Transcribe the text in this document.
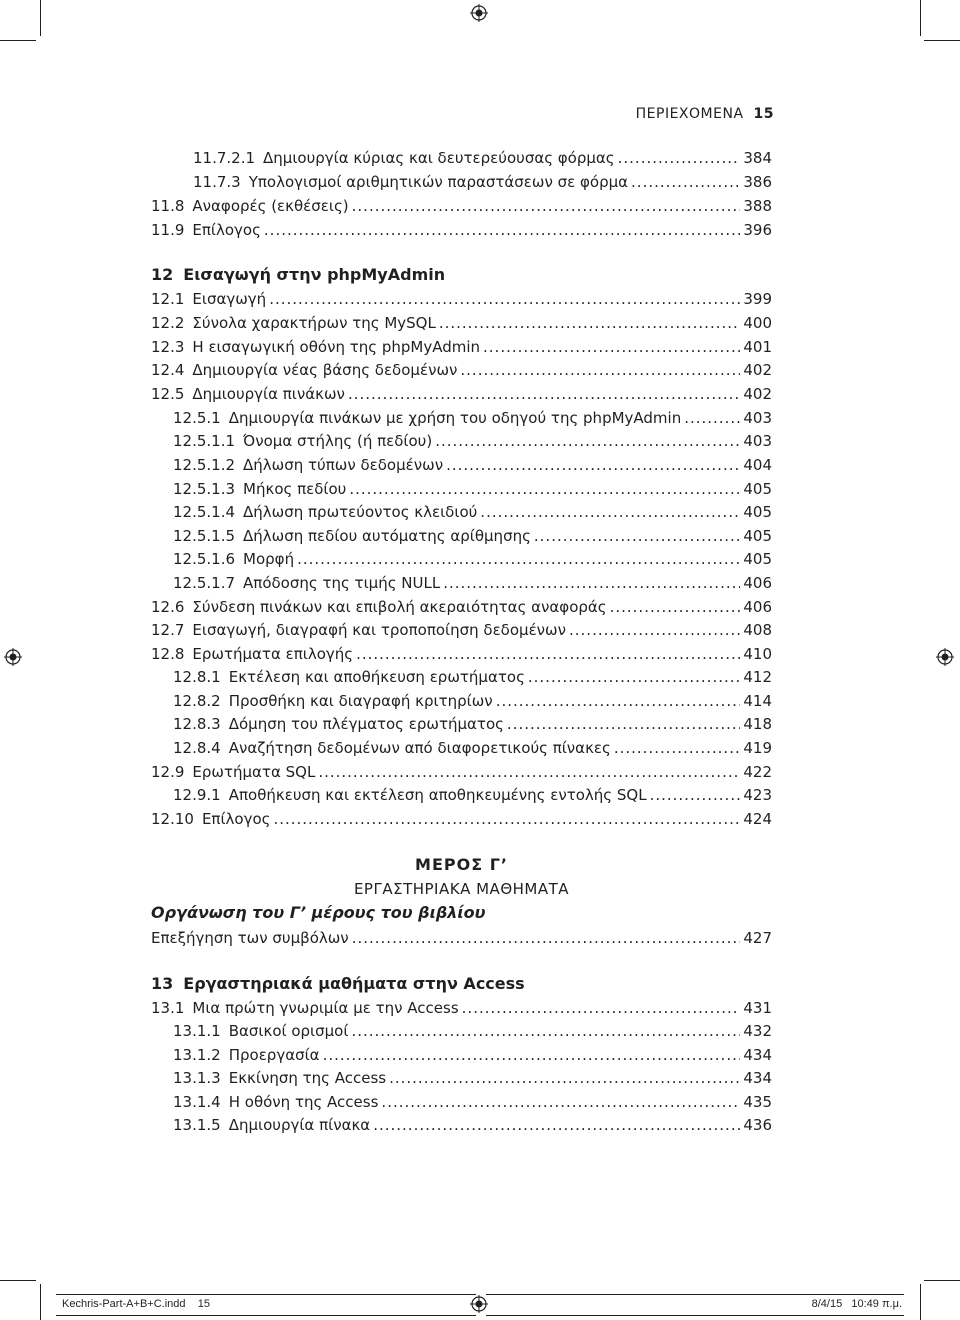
ΠΕΡΙΕΧΟΜΕΝΑ 15
11.7.2.1 Δημιουργία κύριας και δευτερεύουσας φόρμας .....	384
11.7.3 Υπολογισμοί αριθμητικών παραστάσεων σε φόρμα .....	386
11.8 Αναφορές (εκθέσεις) .....	388
11.9 Επίλογος .....	396
12 Εισαγωγή στην phpMyAdmin
12.1 Εισαγωγή .....	399
12.2 Σύνολα χαρακτήρων της MySQL .....	400
12.3 Η εισαγωγική οθόνη της phpMyAdmin .....	401
12.4 Δημιουργία νέας βάσης δεδομένων .....	402
12.5 Δημιουργία πινάκων .....	402
12.5.1 Δημιουργία πινάκων με χρήση του οδηγού της phpMyAdmin .....	403
12.5.1.1 Όνομα στήλης (ή πεδίου) .....	403
12.5.1.2 Δήλωση τύπων δεδομένων .....	404
12.5.1.3 Μήκος πεδίου .....	405
12.5.1.4 Δήλωση πρωτεύοντος κλειδιού .....	405
12.5.1.5 Δήλωση πεδίου αυτόματης αρίθμησης .....	405
12.5.1.6 Μορφή .....	405
12.5.1.7 Απόδοσης της τιμής NULL .....	406
12.6 Σύνδεση πινάκων και επιβολή ακεραιότητας αναφοράς .....	406
12.7 Εισαγωγή, διαγραφή και τροποποίηση δεδομένων .....	408
12.8 Ερωτήματα επιλογής .....	410
12.8.1 Εκτέλεση και αποθήκευση ερωτήματος .....	412
12.8.2 Προσθήκη και διαγραφή κριτηρίων .....	414
12.8.3 Δόμηση του πλέγματος ερωτήματος .....	418
12.8.4 Αναζήτηση δεδομένων από διαφορετικούς πίνακες .....	419
12.9 Ερωτήματα SQL .....	422
12.9.1 Αποθήκευση και εκτέλεση αποθηκευμένης εντολής SQL .....	423
12.10 Επίλογος .....	424
Οργάνωση του Γ’ μέρους του βιβλίου
Επεξήγηση των συμβόλων .....	427
13 Εργαστηριακά μαθήματα στην Access
13.1 Μια πρώτη γνωριμία με την Access .....	431
13.1.1 Βασικοί ορισμοί .....	432
13.1.2 Προεργασία .....	434
13.1.3 Εκκίνηση της Access .....	434
13.1.4 Η οθόνη της Access .....	435
13.1.5 Δημιουργία πίνακα .....	436
ΜΕΡΟΣ Γ’
ΕΡΓΑΣΤΗΡΙΑΚΑ ΜΑΘΗΜΑΤΑ
Kechris-Part-A+B+C.indd 15	8/4/15 10:49 π.μ.
